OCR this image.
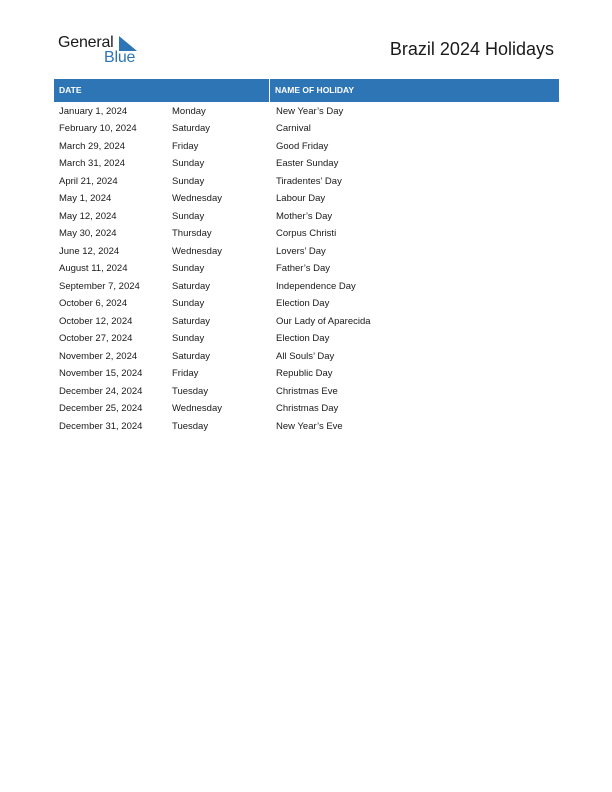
General
Blue	Brazil 2024 Holidays
DATE	NAME OF HOLIDAY
January 1, 2024	Monday	New Year’s Day
February 10, 2024	Saturday	Carnival
March 29, 2024	Friday	Good Friday
March 31, 2024	Sunday	Easter Sunday
April 21, 2024	Sunday	Tiradentes’ Day
May 1, 2024	Wednesday	Labour Day
May 12, 2024	Sunday	Mother’s Day
May 30, 2024	Thursday	Corpus Christi
June 12, 2024	Wednesday	Lovers’ Day
August 11, 2024	Sunday	Father’s Day
September 7, 2024	Saturday	Independence Day
October 6, 2024	Sunday	Election Day
October 12, 2024	Saturday	Our Lady of Aparecida
October 27, 2024	Sunday	Election Day
November 2, 2024	Saturday	All Souls’ Day
November 15, 2024	Friday	Republic Day
December 24, 2024	Tuesday	Christmas Eve
December 25, 2024	Wednesday	Christmas Day
December 31, 2024	Tuesday	New Year’s Eve
